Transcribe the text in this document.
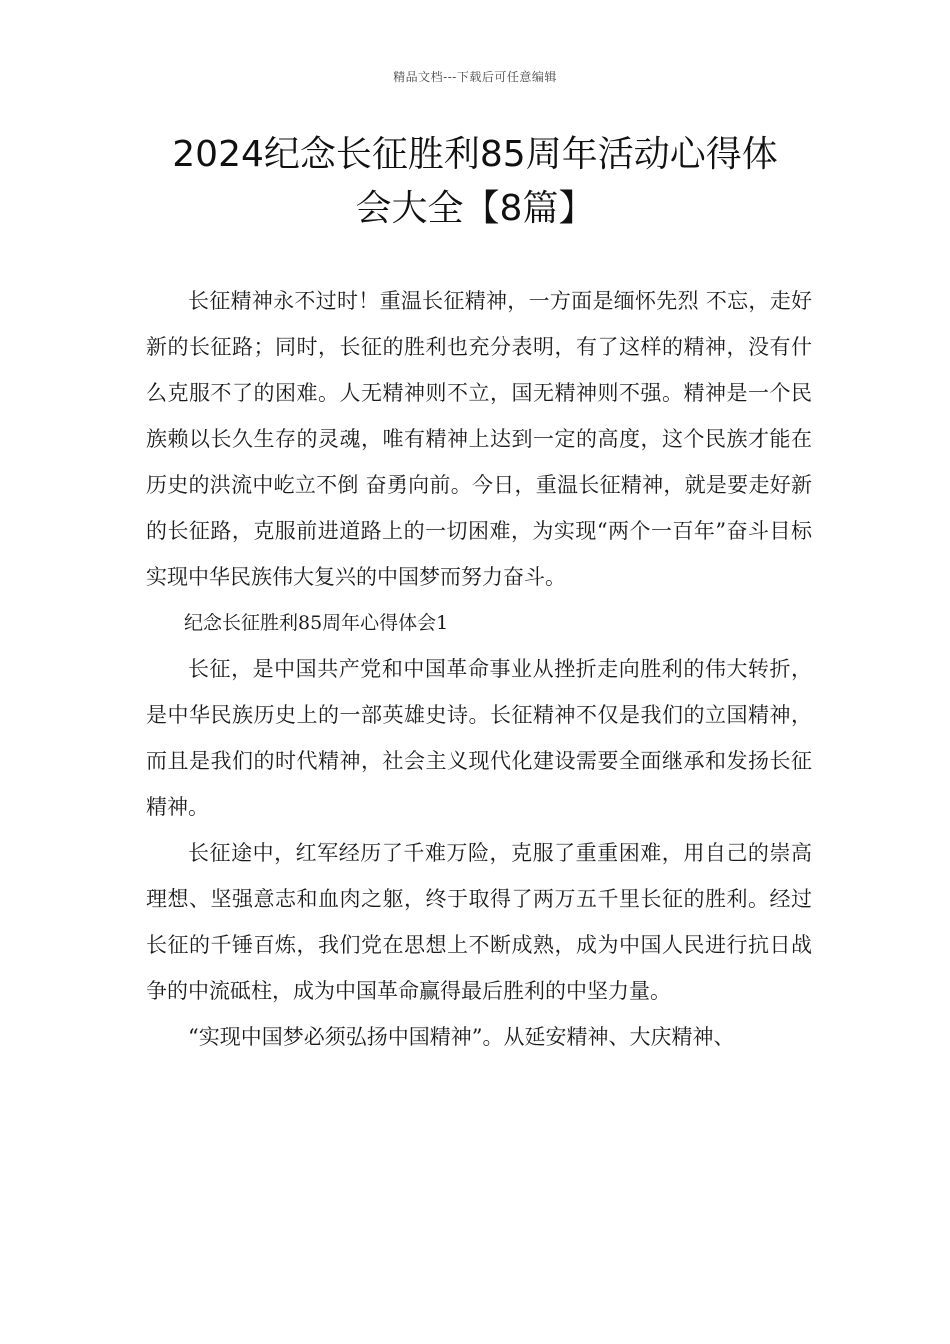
精品文档---下载后可任意编辑
2024纪念长征胜利85周年活动心得体
会大全【8篇】

长征精神永不过时！重温长征精神，一方面是缅怀先烈 不忘，走好新的长征路；同时，长征的胜利也充分表明，有了这样的精神，没有什么克服不了的困难。人无精神则不立，国无精神则不强。精神是一个民族赖以长久生存的灵魂，唯有精神上达到一定的高度，这个民族才能在历史的洪流中屹立不倒 奋勇向前。今日，重温长征精神，就是要走好新的长征路，克服前进道路上的一切困难，为实现“两个一百年”奋斗目标 实现中华民族伟大复兴的中国梦而努力奋斗。

纪念长征胜利85周年心得体会1

长征，是中国共产党和中国革命事业从挫折走向胜利的伟大转折，是中华民族历史上的一部英雄史诗。长征精神不仅是我们的立国精神，而且是我们的时代精神，社会主义现代化建设需要全面继承和发扬长征精神。

长征途中，红军经历了千难万险，克服了重重困难，用自己的崇高理想、坚强意志和血肉之躯，终于取得了两万五千里长征的胜利。经过长征的千锤百炼，我们党在思想上不断成熟，成为中国人民进行抗日战争的中流砥柱，成为中国革命赢得最后胜利的中坚力量。

“实现中国梦必须弘扬中国精神”。从延安精神、大庆精神、
